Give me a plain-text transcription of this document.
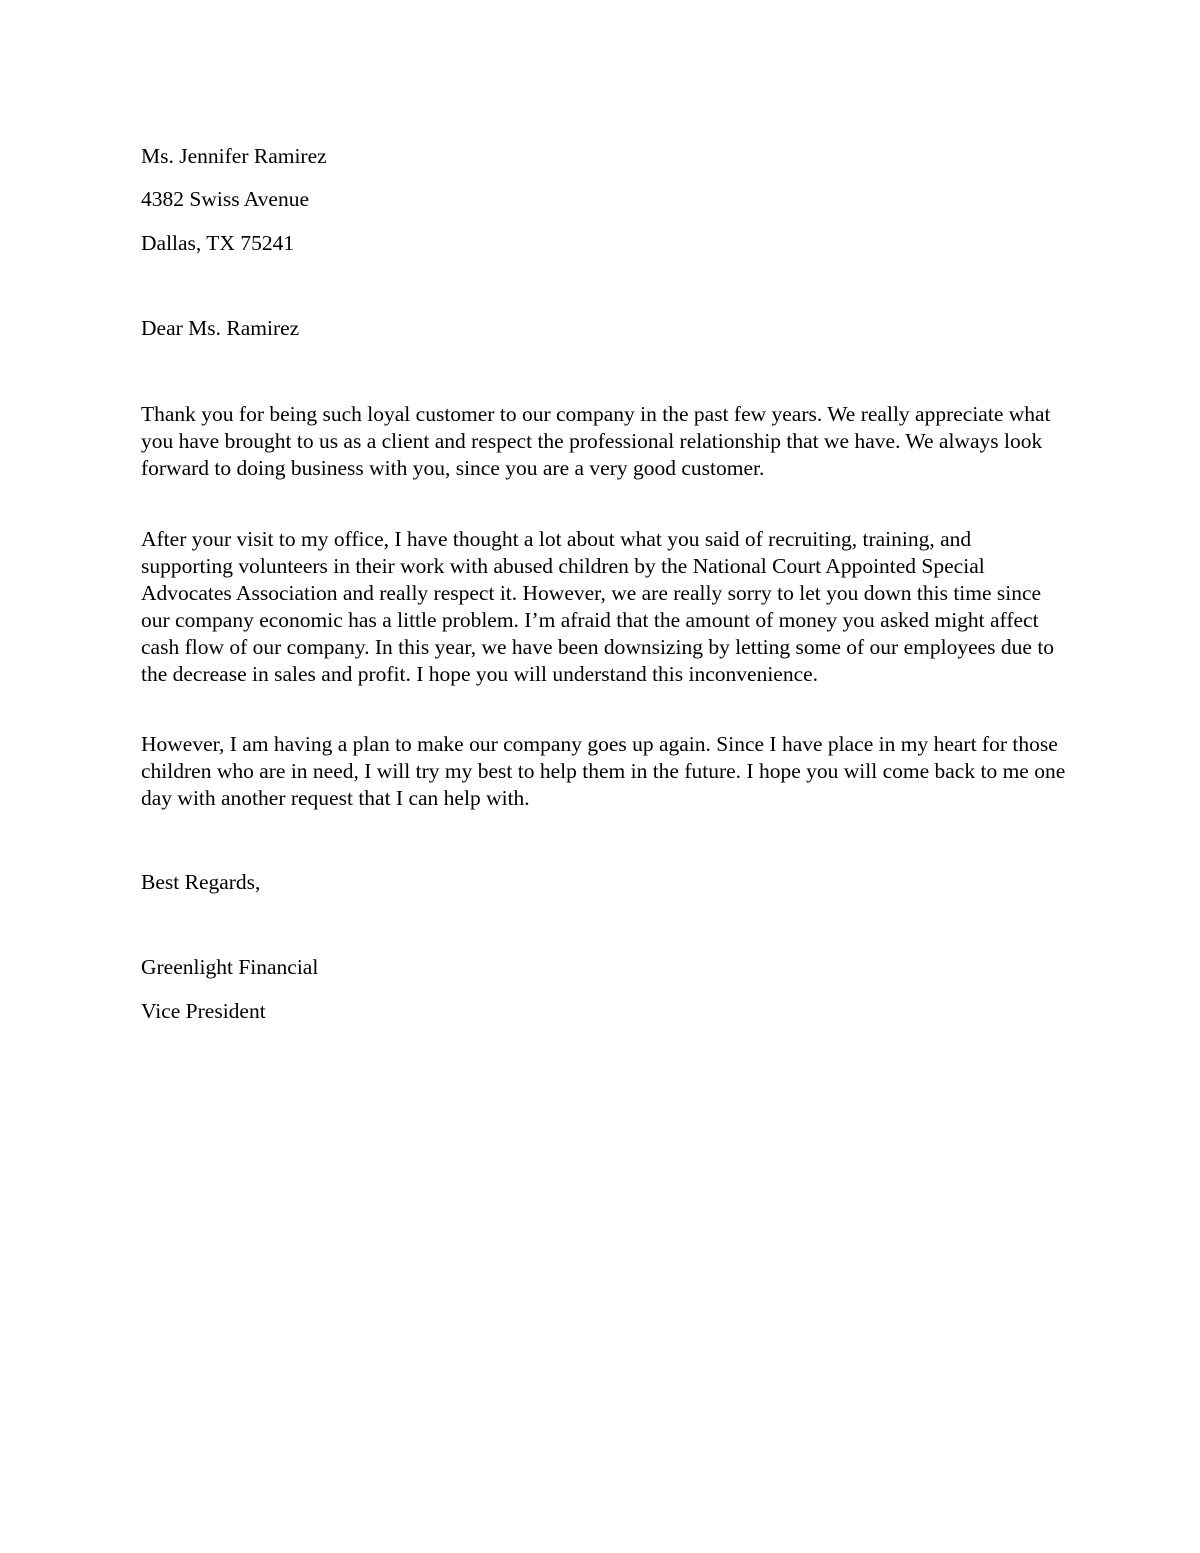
Ms. Jennifer Ramirez

4382 Swiss Avenue

Dallas, TX 75241

Dear Ms. Ramirez

Thank you for being such loyal customer to our company in the past few years. We really appreciate what you have brought to us as a client and respect the professional relationship that we have. We always look forward to doing business with you, since you are a very good customer.

After your visit to my office, I have thought a lot about what you said of recruiting, training, and supporting volunteers in their work with abused children by the National Court Appointed Special Advocates Association and really respect it. However, we are really sorry to let you down this time since our company economic has a little problem. I’m afraid that the amount of money you asked might affect cash flow of our company. In this year, we have been downsizing by letting some of our employees due to the decrease in sales and profit. I hope you will understand this inconvenience.

However, I am having a plan to make our company goes up again. Since I have place in my heart for those children who are in need, I will try my best to help them in the future. I hope you will come back to me one day with another request that I can help with.

Best Regards,

Greenlight Financial

Vice President
